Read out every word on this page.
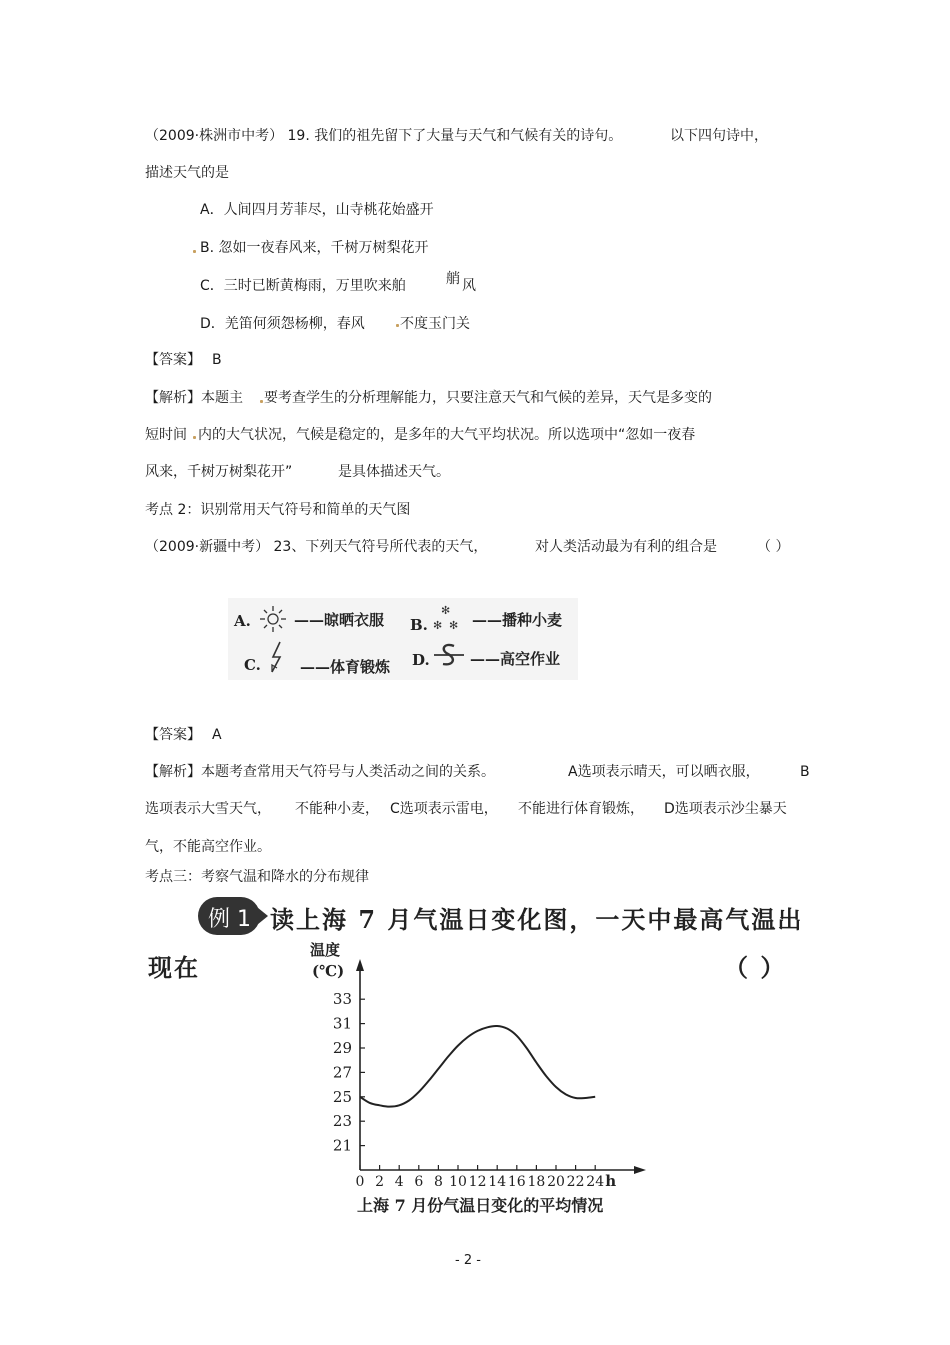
（2009·株洲市中考） 19. 我们的祖先留下了大量与天气和气候有关的诗句。	以下四句诗中，
描述天气的是
A．人间四月芳菲尽，山寺桃花始盛开
B. 忽如一夜春风来，千树万树梨花开
C．三时已断黄梅雨，万里吹来舶	艄 风
D．羌笛何须怨杨柳，春风	不度玉门关
【答案】 B
【解析】本题主 要考查学生的分析理解能力，只要注意天气和气候的差异，天气是多变的
短时间 内的大气状况，气候是稳定的，是多年的大气平均状况。所以选项中“忽如一夜春
风来，千树万树梨花开”	是具体描述天气。
考点 2：识别常用天气符号和简单的天气图
（2009·新疆中考） 23、下列天气符号所代表的天气，	对人类活动最为有利的组合是	（ ）
A.	——晾晒衣服 B.
✻
✻ ✻ ——播种小麦
C.	——体育锻炼 D.	——高空作业
【答案】 A
【解析】本题考查常用天气符号与人类活动之间的关系。	A选项表示晴天，可以晒衣服，	B
选项表示大雪天气， 不能种小麦， C选项表示雷电， 不能进行体育锻炼， D选项表示沙尘暴天
气，不能高空作业。
考点三：考察气温和降水的分布规律
例 1 读上海 7 月气温日变化图，一天中最高气温出
现在	（ ）
温度
(℃)
21
23
25
27
29
31
33
0 2 4 6 8 10 12 14 16 18 20 22 24 h
上海 7 月份气温日变化的平均情况
- 2 -
